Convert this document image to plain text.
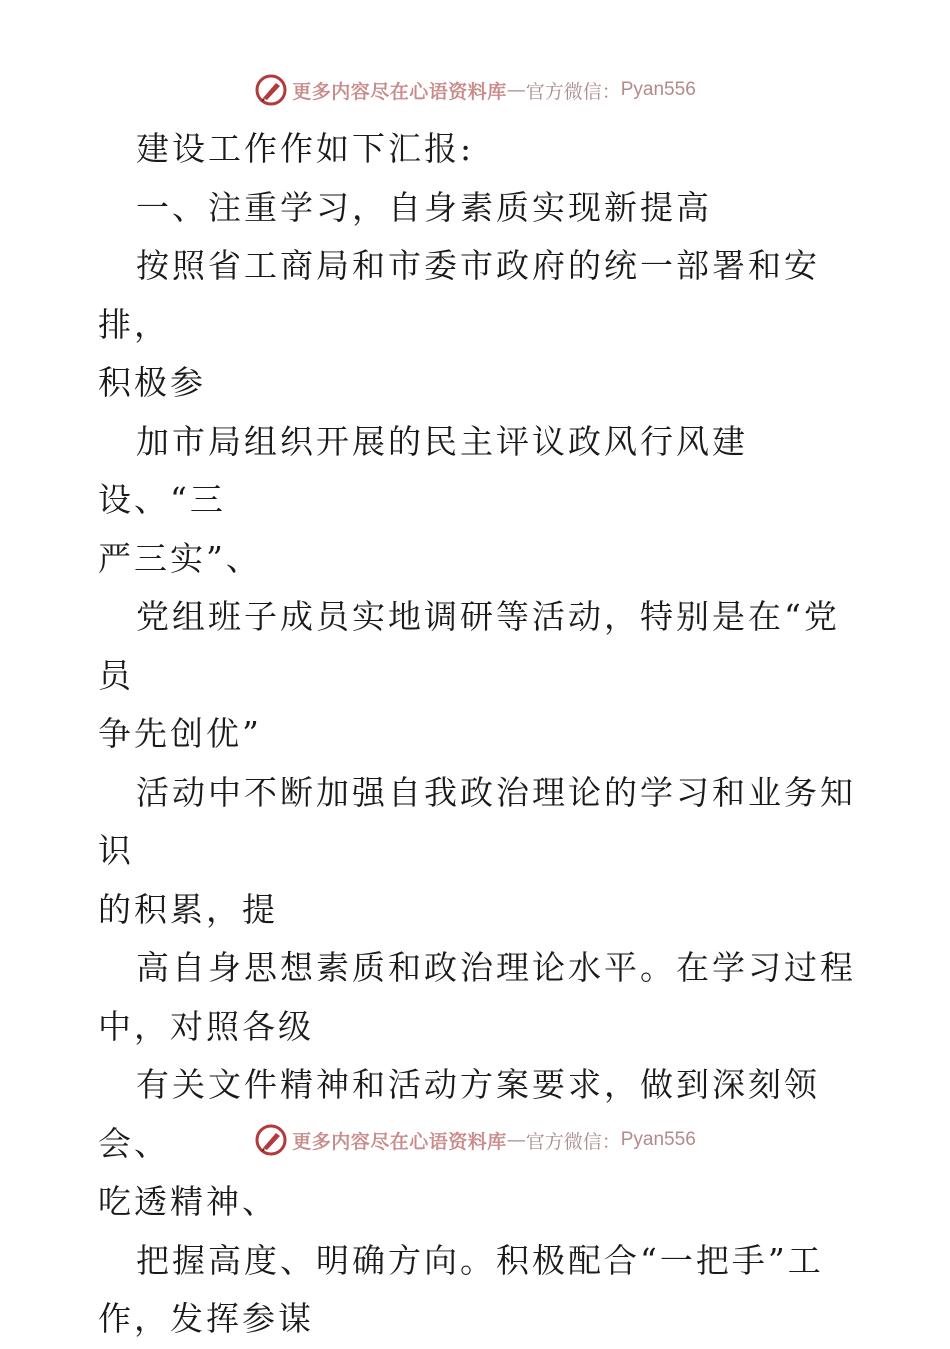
更多内容尽在心语资料库 — 官方微信： Pyan556

建设工作作如下汇报:

一、注重学习，自身素质实现新提高

按照省工商局和市委市政府的统一部署和安排，
积极参

加市局组织开展的民主评议政风行风建设、“三
严三实”、

党组班子成员实地调研等活动，特别是在“党员
争先创优”

活动中不断加强自我政治理论的学习和业务知识
的积累，提

高自身思想素质和政治理论水平。在学习过程
中，对照各级

有关文件精神和活动方案要求，做到深刻领会、
吃透精神、

把握高度、明确方向。积极配合“一把手”工
作，发挥参谋

更多内容尽在心语资料库 — 官方微信： Pyan556
